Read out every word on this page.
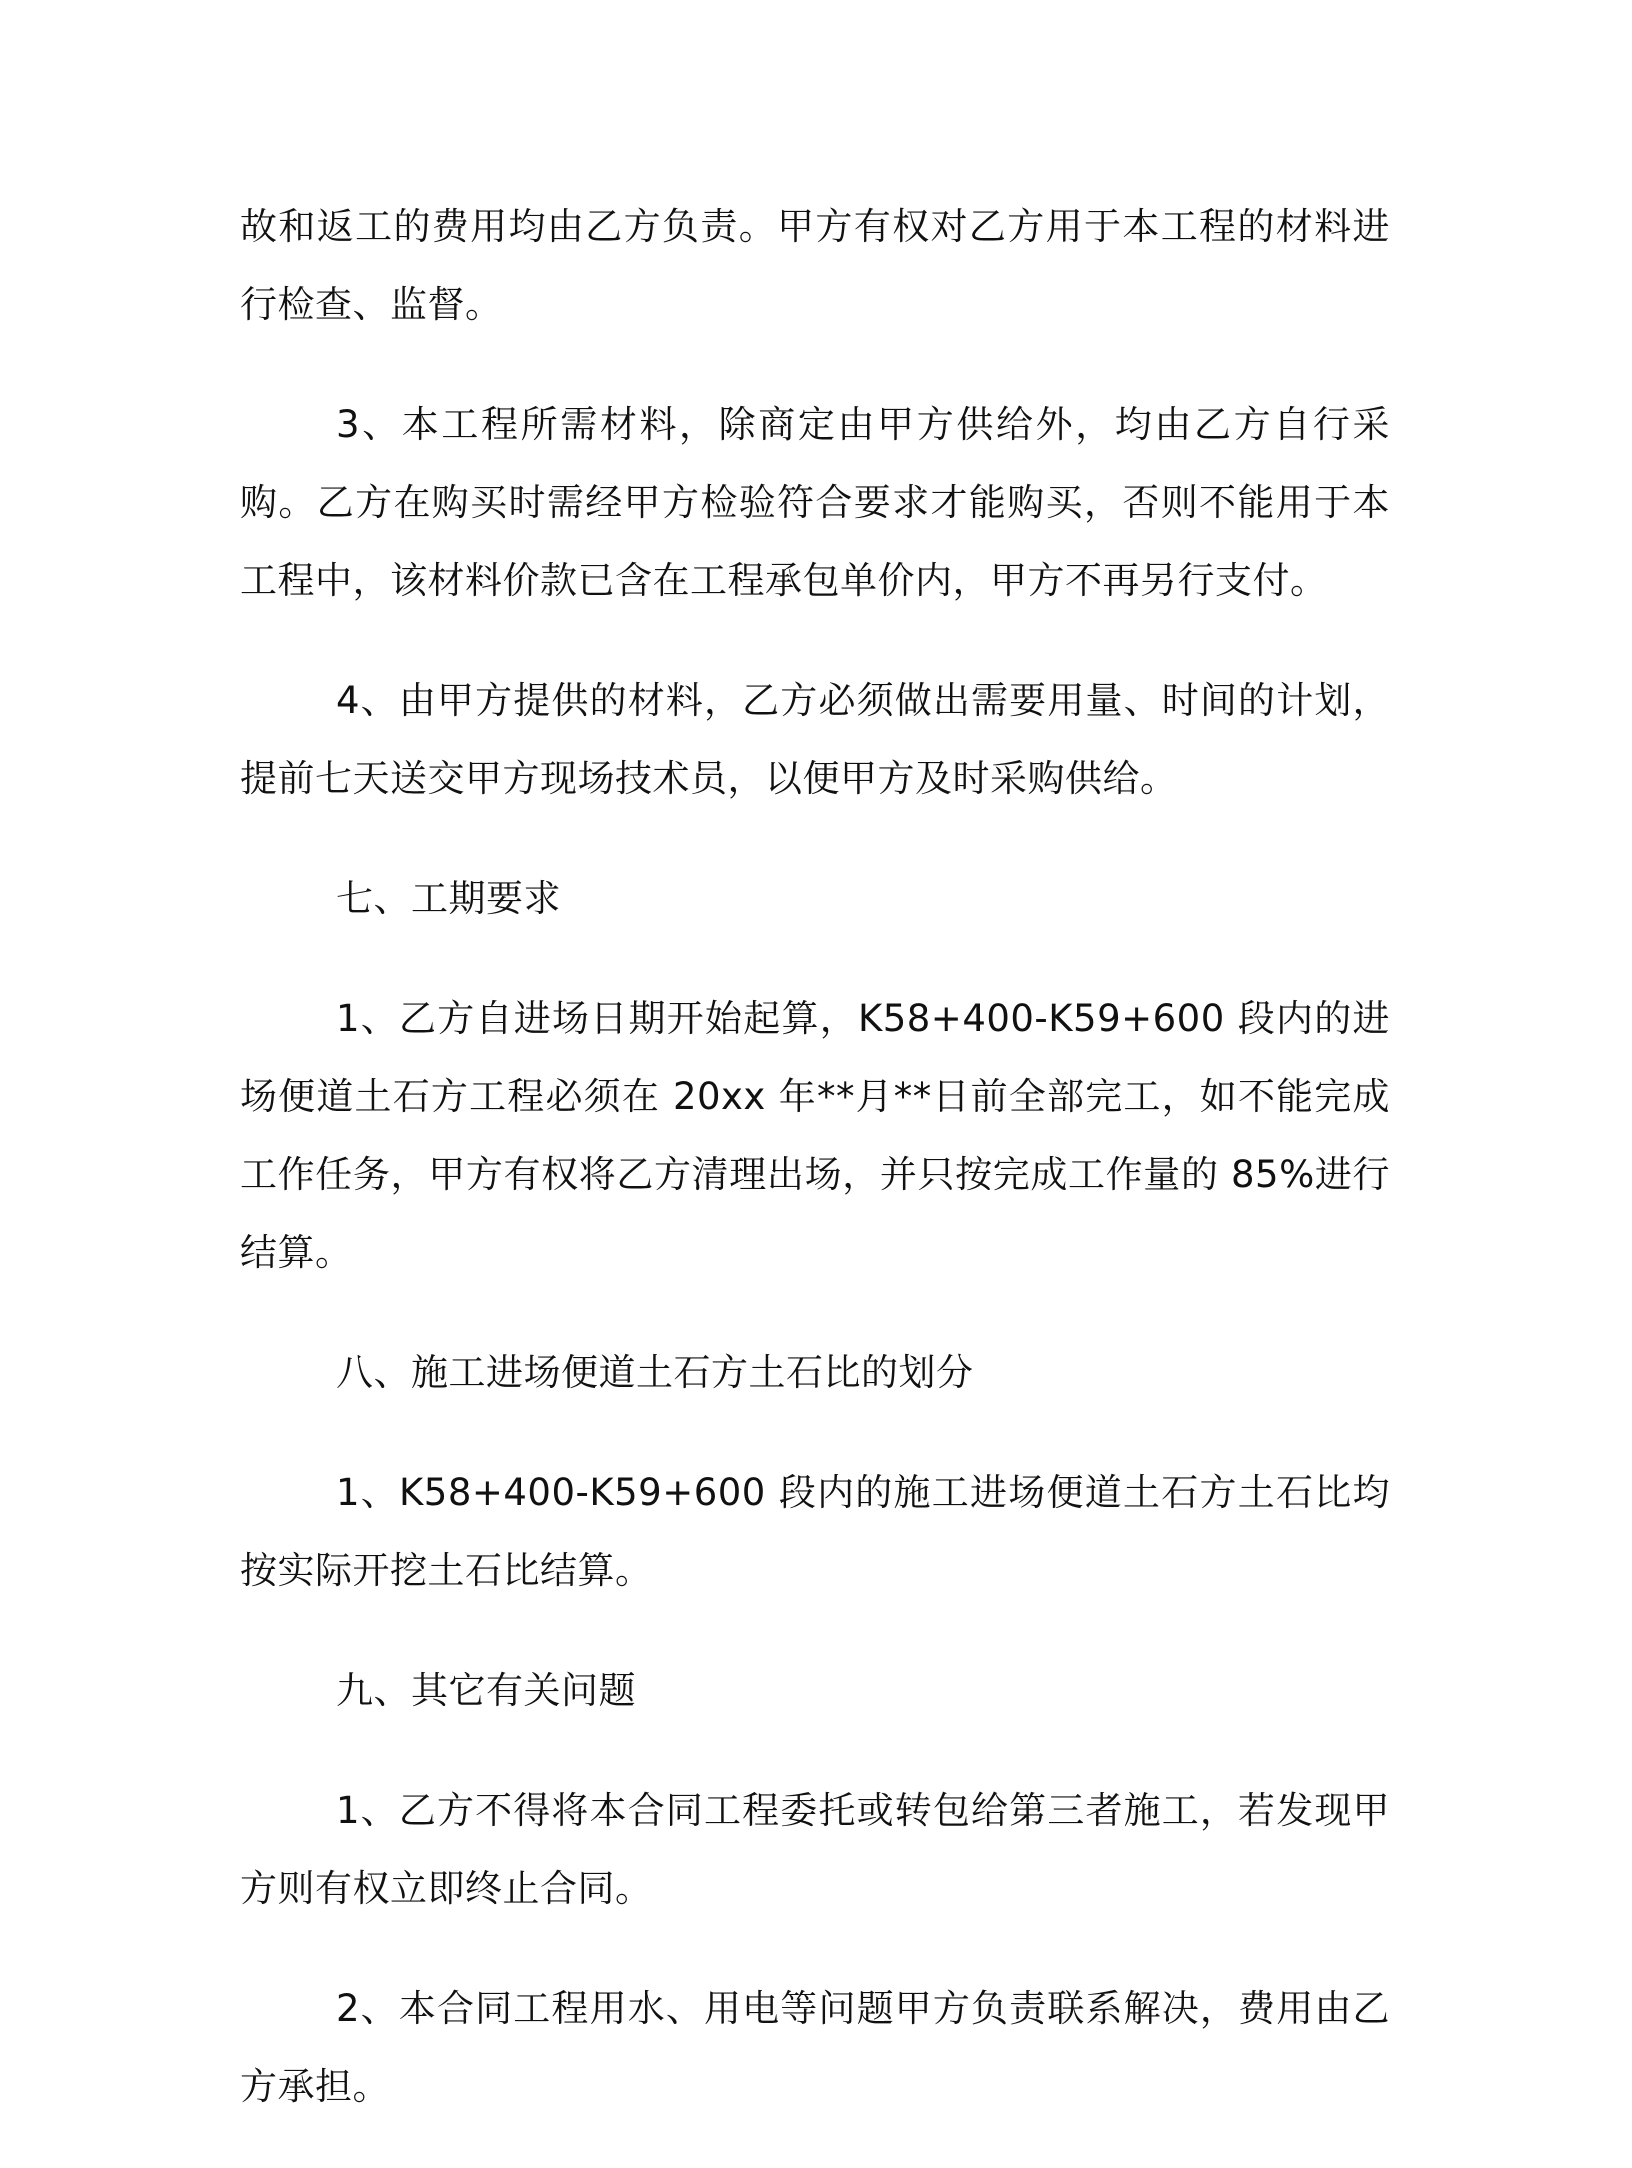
故和返工的费用均由乙方负责。甲方有权对乙方用于本工程的材料进行检查、监督。

3、本工程所需材料，除商定由甲方供给外，均由乙方自行采购。乙方在购买时需经甲方检验符合要求才能购买，否则不能用于本工程中，该材料价款已含在工程承包单价内，甲方不再另行支付。

4、由甲方提供的材料，乙方必须做出需要用量、时间的计划，提前七天送交甲方现场技术员，以便甲方及时采购供给。

七、工期要求

1、乙方自进场日期开始起算，K58+400-K59+600 段内的进场便道土石方工程必须在 20xx 年**月**日前全部完工，如不能完成工作任务，甲方有权将乙方清理出场，并只按完成工作量的 85%进行结算。

八、施工进场便道土石方土石比的划分

1、K58+400-K59+600 段内的施工进场便道土石方土石比均按实际开挖土石比结算。

九、其它有关问题

1、乙方不得将本合同工程委托或转包给第三者施工，若发现甲方则有权立即终止合同。

2、本合同工程用水、用电等问题甲方负责联系解决，费用由乙方承担。
